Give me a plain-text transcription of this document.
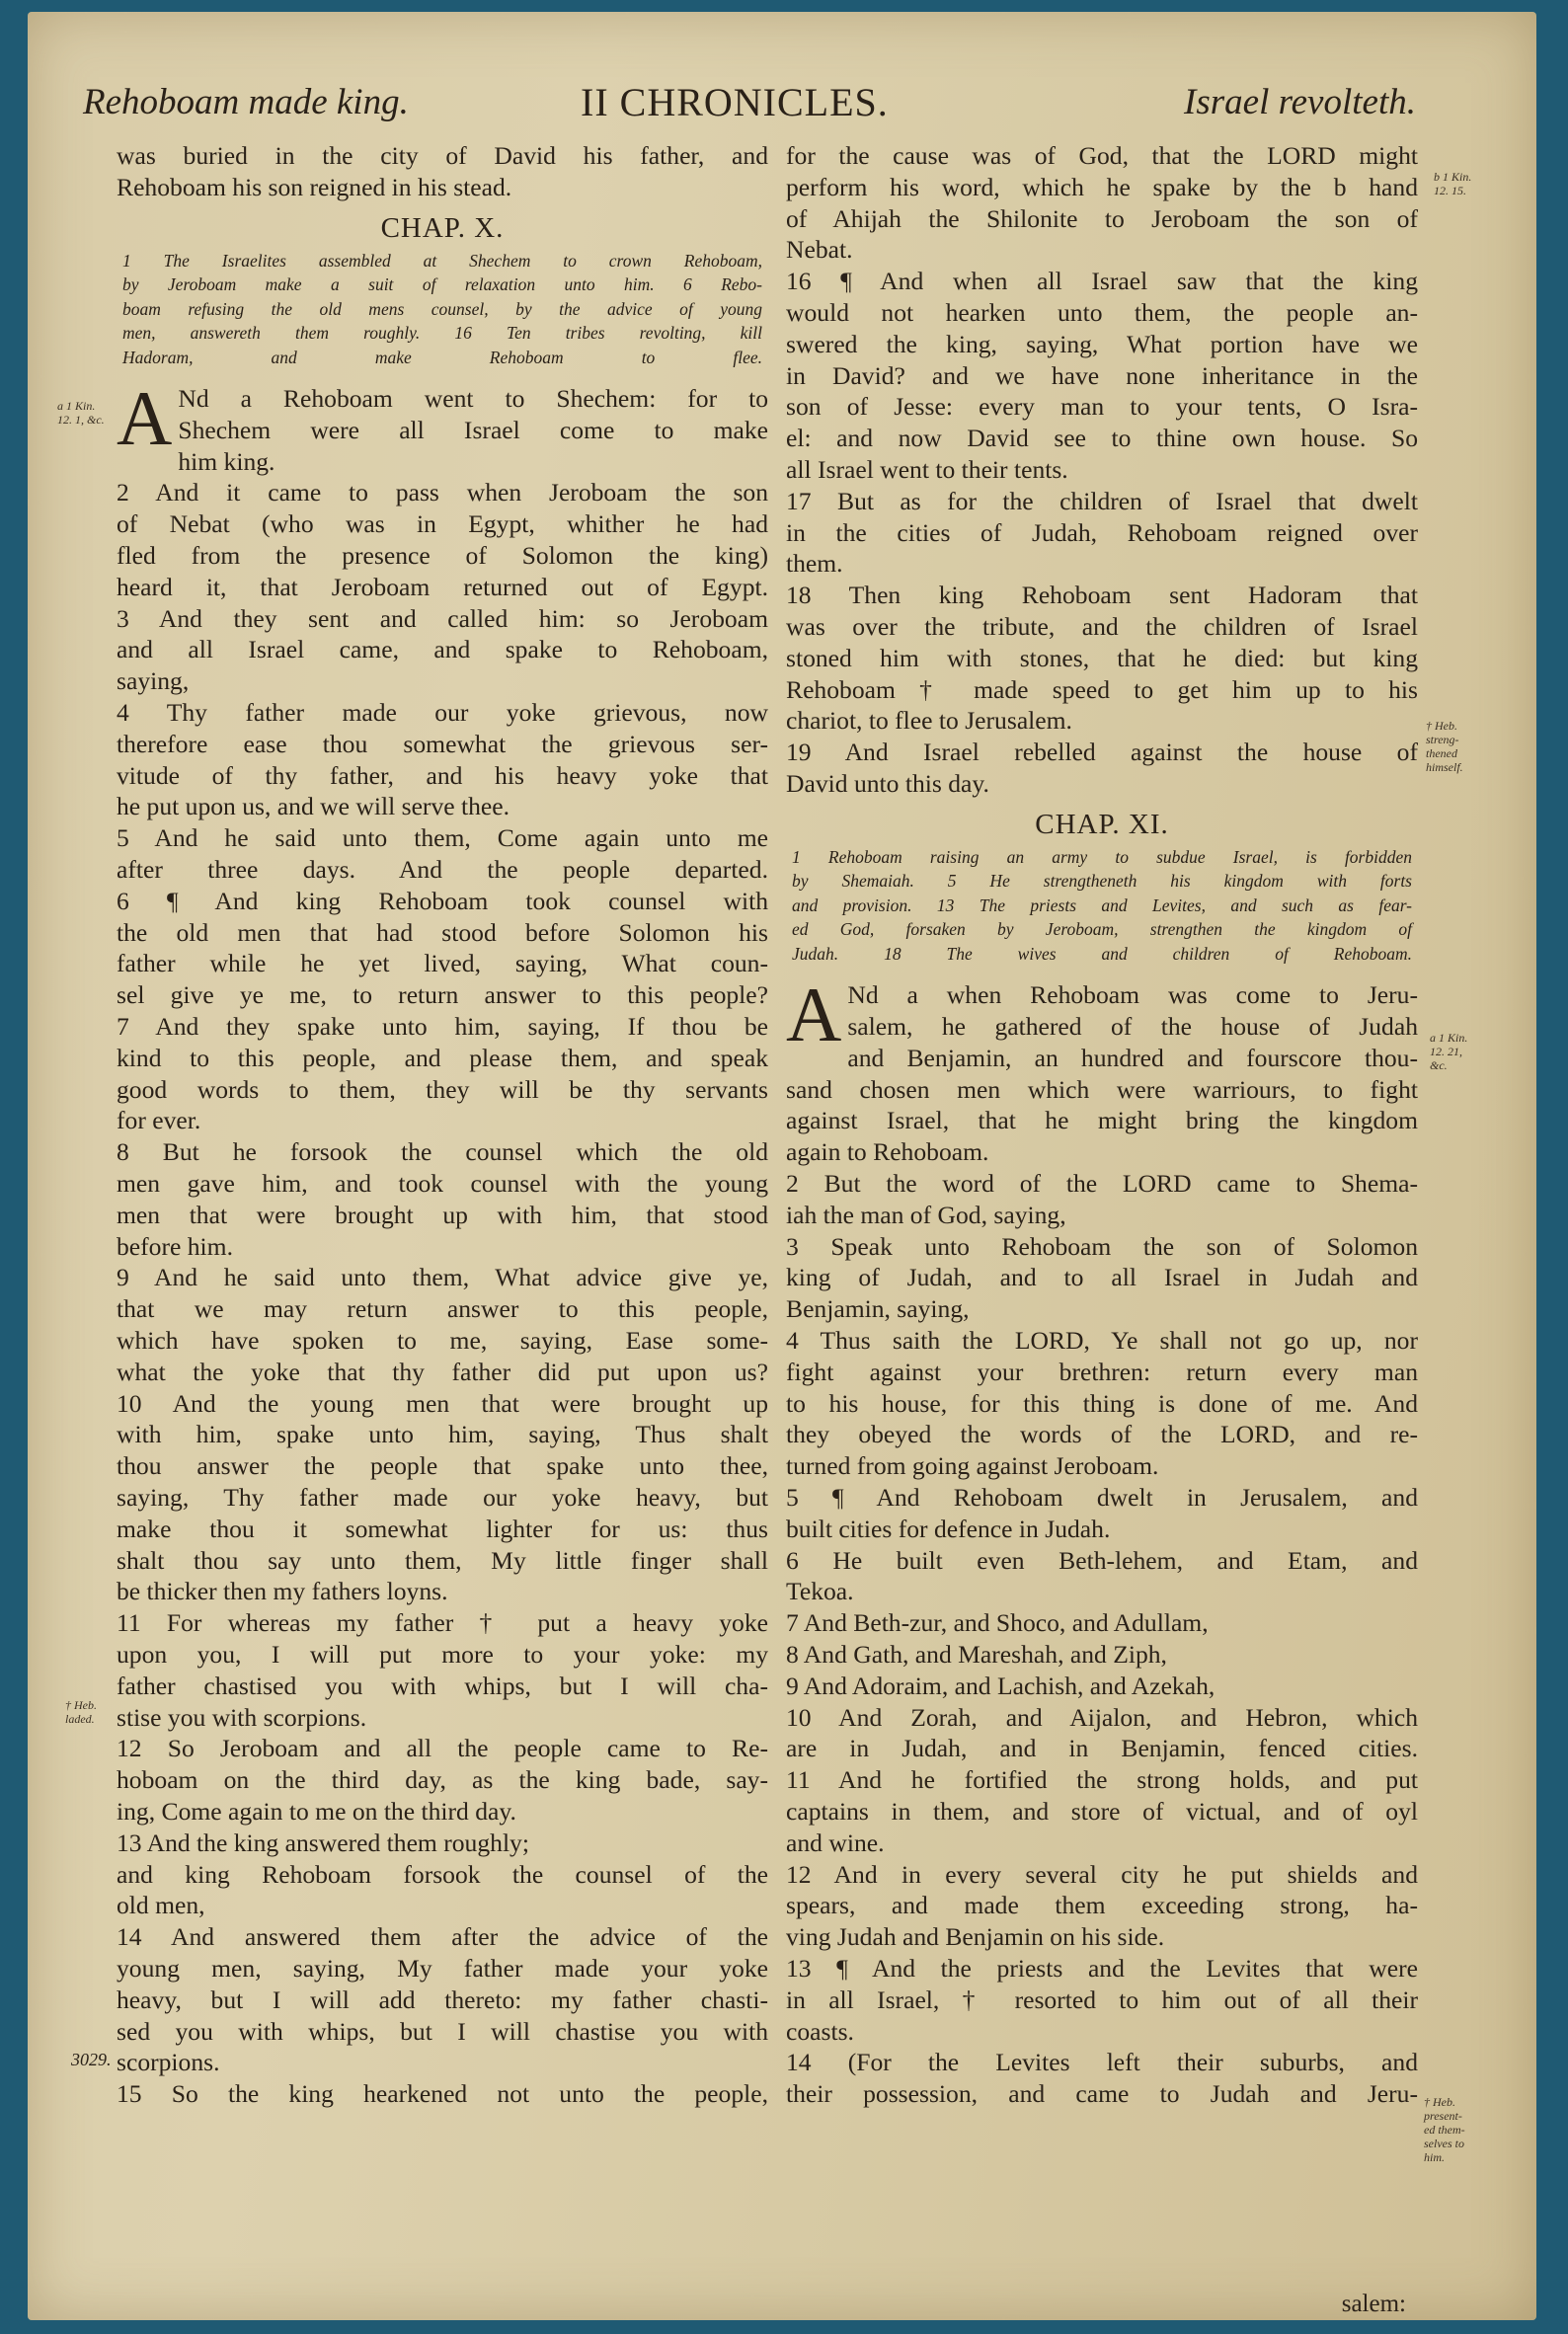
Rehoboam made king.	II CHRONICLES.	Israel revolteth.
was buried in the city of David his father, and
Rehoboam his son reigned in his stead.
CHAP. X.
1 The Israelites assembled at Shechem to crown Rehoboam,
by Jeroboam make a suit of relaxation unto him. 6 Rebo-
boam refusing the old mens counsel, by the advice of young
men, answereth them roughly. 16 Ten tribes revolting, kill
Hadoram, and make Rehoboam to flee.
A Nd a Rehoboam went to Shechem: for to
Shechem were all Israel come to make
him king.
2 And it came to pass when Jeroboam the son
of Nebat (who was in Egypt, whither he had
fled from the presence of Solomon the king)
heard it, that Jeroboam returned out of Egypt.
3 And they sent and called him: so Jeroboam
and all Israel came, and spake to Rehoboam,
saying,
4 Thy father made our yoke grievous, now
therefore ease thou somewhat the grievous ser-
vitude of thy father, and his heavy yoke that
he put upon us, and we will serve thee.
5 And he said unto them, Come again unto me
after three days. And the people departed.
6 ¶ And king Rehoboam took counsel with
the old men that had stood before Solomon his
father while he yet lived, saying, What coun-
sel give ye me, to return answer to this people?
7 And they spake unto him, saying, If thou be
kind to this people, and please them, and speak
good words to them, they will be thy servants
for ever.
8 But he forsook the counsel which the old
men gave him, and took counsel with the young
men that were brought up with him, that stood
before him.
9 And he said unto them, What advice give ye,
that we may return answer to this people,
which have spoken to me, saying, Ease some-
what the yoke that thy father did put upon us?
10 And the young men that were brought up
with him, spake unto him, saying, Thus shalt
thou answer the people that spake unto thee,
saying, Thy father made our yoke heavy, but
make thou it somewhat lighter for us: thus
shalt thou say unto them, My little finger shall
be thicker then my fathers loyns.
11 For whereas my father † put a heavy yoke
upon you, I will put more to your yoke: my
father chastised you with whips, but I will cha-
stise you with scorpions.
12 So Jeroboam and all the people came to Re-
hoboam on the third day, as the king bade, say-
ing, Come again to me on the third day.
13 And the king answered them roughly;
and king Rehoboam forsook the counsel of the
old men,
14 And answered them after the advice of the
young men, saying, My father made your yoke
heavy, but I will add thereto: my father chasti-
sed you with whips, but I will chastise you with
scorpions.
15 So the king hearkened not unto the people,
for the cause was of God, that the LORD might
perform his word, which he spake by the b hand
of Ahijah the Shilonite to Jeroboam the son of
Nebat.
16 ¶ And when all Israel saw that the king
would not hearken unto them, the people an-
swered the king, saying, What portion have we
in David? and we have none inheritance in the
son of Jesse: every man to your tents, O Isra-
el: and now David see to thine own house. So
all Israel went to their tents.
17 But as for the children of Israel that dwelt
in the cities of Judah, Rehoboam reigned over
them.
18 Then king Rehoboam sent Hadoram that
was over the tribute, and the children of Israel
stoned him with stones, that he died: but king
Rehoboam † made speed to get him up to his
chariot, to flee to Jerusalem.
19 And Israel rebelled against the house of
David unto this day.
CHAP. XI.
1 Rehoboam raising an army to subdue Israel, is forbidden
by Shemaiah. 5 He strengtheneth his kingdom with forts
and provision. 13 The priests and Levites, and such as fear-
ed God, forsaken by Jeroboam, strengthen the kingdom of
Judah. 18 The wives and children of Rehoboam.
A Nd a when Rehoboam was come to Jeru-
salem, he gathered of the house of Judah
and Benjamin, an hundred and fourscore thou-
sand chosen men which were warriours, to fight
against Israel, that he might bring the kingdom
again to Rehoboam.
2 But the word of the LORD came to Shema-
iah the man of God, saying,
3 Speak unto Rehoboam the son of Solomon
king of Judah, and to all Israel in Judah and
Benjamin, saying,
4 Thus saith the LORD, Ye shall not go up, nor
fight against your brethren: return every man
to his house, for this thing is done of me. And
they obeyed the words of the LORD, and re-
turned from going against Jeroboam.
5 ¶ And Rehoboam dwelt in Jerusalem, and
built cities for defence in Judah.
6 He built even Beth-lehem, and Etam, and
Tekoa.
7 And Beth-zur, and Shoco, and Adullam,
8 And Gath, and Mareshah, and Ziph,
9 And Adoraim, and Lachish, and Azekah,
10 And Zorah, and Aijalon, and Hebron, which
are in Judah, and in Benjamin, fenced cities.
11 And he fortified the strong holds, and put
captains in them, and store of victual, and of oyl
and wine.
12 And in every several city he put shields and
spears, and made them exceeding strong, ha-
ving Judah and Benjamin on his side.
13 ¶ And the priests and the Levites that were
in all Israel, † resorted to him out of all their
coasts.
14 (For the Levites left their suburbs, and
their possession, and came to Judah and Jeru-
a 1 Kin.
12. 1, &c.
† Heb.
laded.
b 1 Kin.
12. 15.
† Heb.
streng-
thened
himself.
a 1 Kin.
12. 21,
&c.
† Heb.
present-
ed them-
selves to
him.
3029.
salem:
